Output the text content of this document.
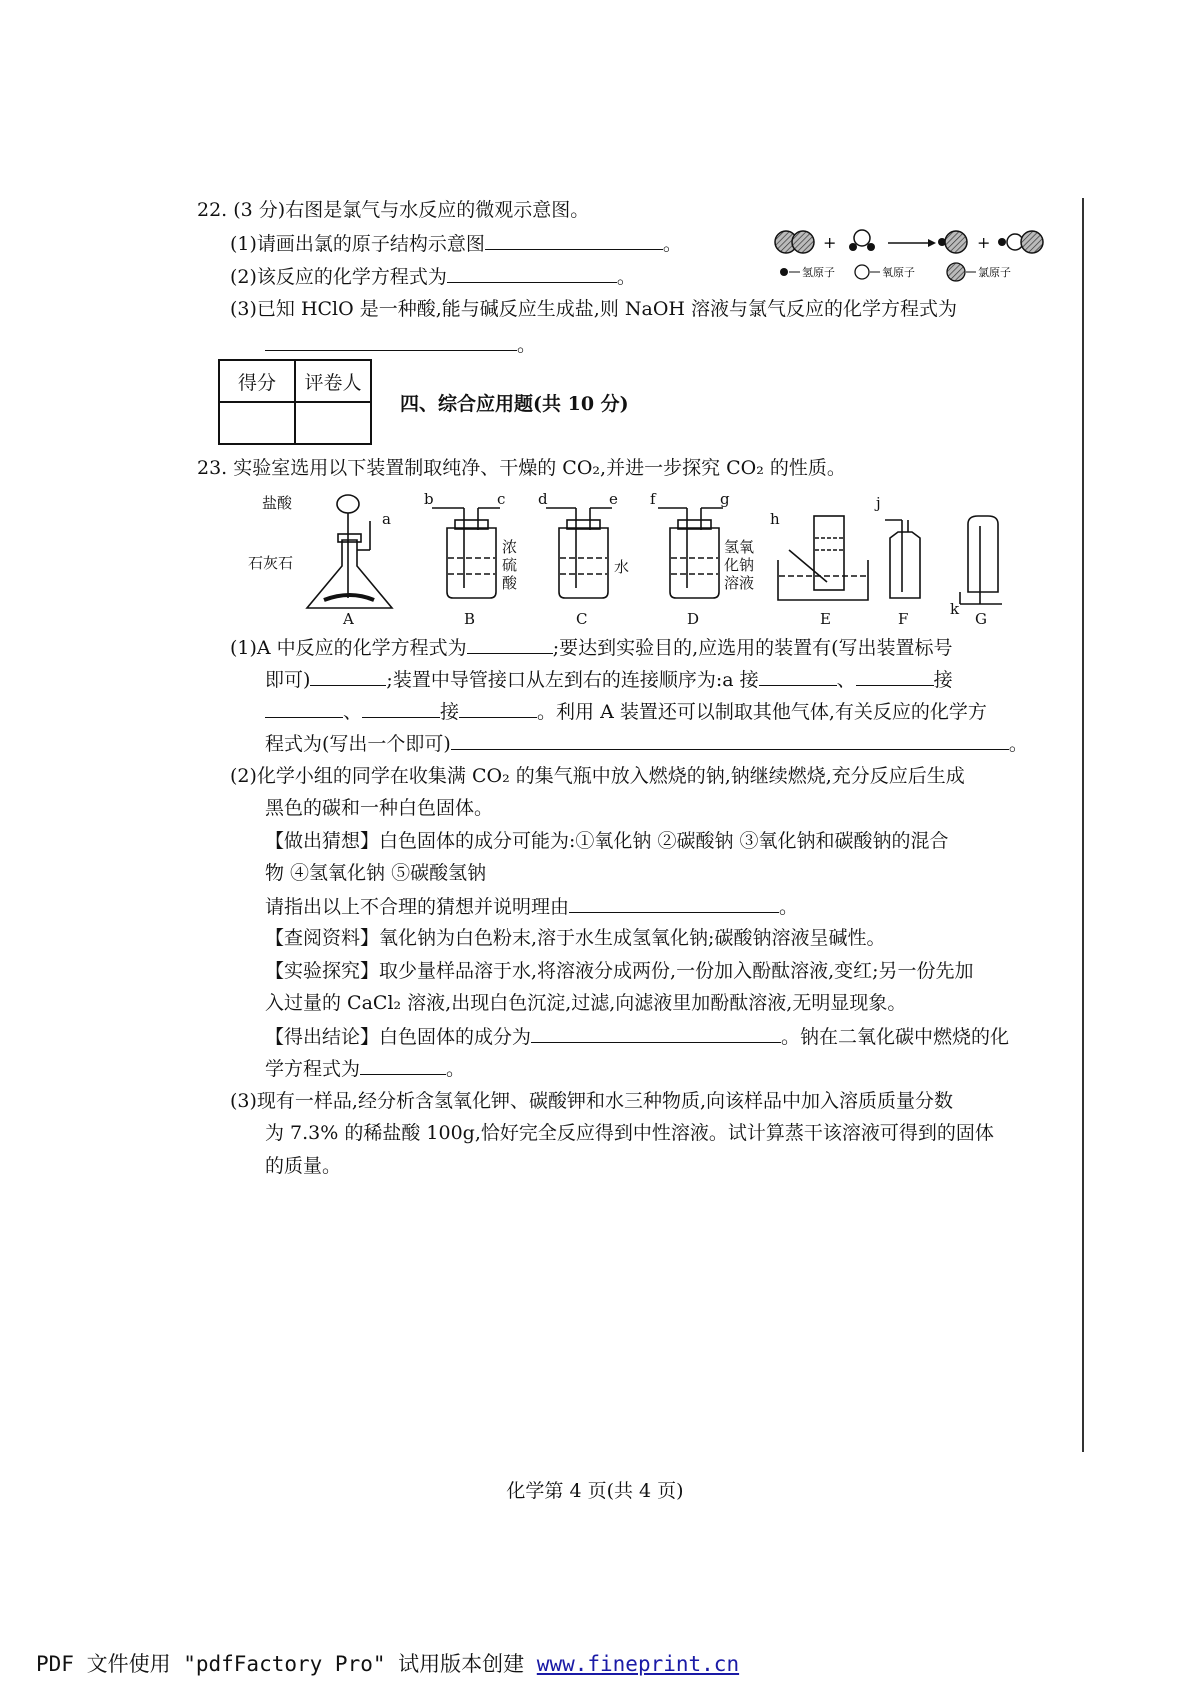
22. (3 分)右图是氯气与水反应的微观示意图。
(1)请画出氯的原子结构示意图	。
(2)该反应的化学方程式为	。
(3)已知 HClO 是一种酸,能与碱反应生成盐,则 NaOH 溶液与氯气反应的化学方程式为
。
+	+
氢原子	氧原子	氯原子
得分	评卷人

四、综合应用题(共 10 分)
23. 实验室选用以下装置制取纯净、干燥的 CO₂,并进一步探究 CO₂ 的性质。
盐酸
a
石灰石
b	c
浓
硫
酸
d	e
水
f	g
氢氧
化钠
溶液
h
j
k
A	B	C	D	E	F	G
(1)A 中反应的化学方程式为	;要达到实验目的,应选用的装置有(写出装置标号
即可)	;装置中导管接口从左到右的连接顺序为:a 接	、	接
、	接	。利用 A 装置还可以制取其他气体,有关反应的化学方
程式为(写出一个即可)	。
(2)化学小组的同学在收集满 CO₂ 的集气瓶中放入燃烧的钠,钠继续燃烧,充分反应后生成
黑色的碳和一种白色固体。
【做出猜想】白色固体的成分可能为:①氧化钠 ②碳酸钠 ③氧化钠和碳酸钠的混合
物 ④氢氧化钠 ⑤碳酸氢钠
请指出以上不合理的猜想并说明理由	。
【查阅资料】氧化钠为白色粉末,溶于水生成氢氧化钠;碳酸钠溶液呈碱性。
【实验探究】取少量样品溶于水,将溶液分成两份,一份加入酚酞溶液,变红;另一份先加
入过量的 CaCl₂ 溶液,出现白色沉淀,过滤,向滤液里加酚酞溶液,无明显现象。
【得出结论】白色固体的成分为	。钠在二氧化碳中燃烧的化
学方程式为	。
(3)现有一样品,经分析含氢氧化钾、碳酸钾和水三种物质,向该样品中加入溶质质量分数
为 7.3% 的稀盐酸 100g,恰好完全反应得到中性溶液。试计算蒸干该溶液可得到的固体
的质量。
化学第 4 页(共 4 页)
PDF 文件使用 "pdfFactory Pro" 试用版本创建 www.fineprint.cn
